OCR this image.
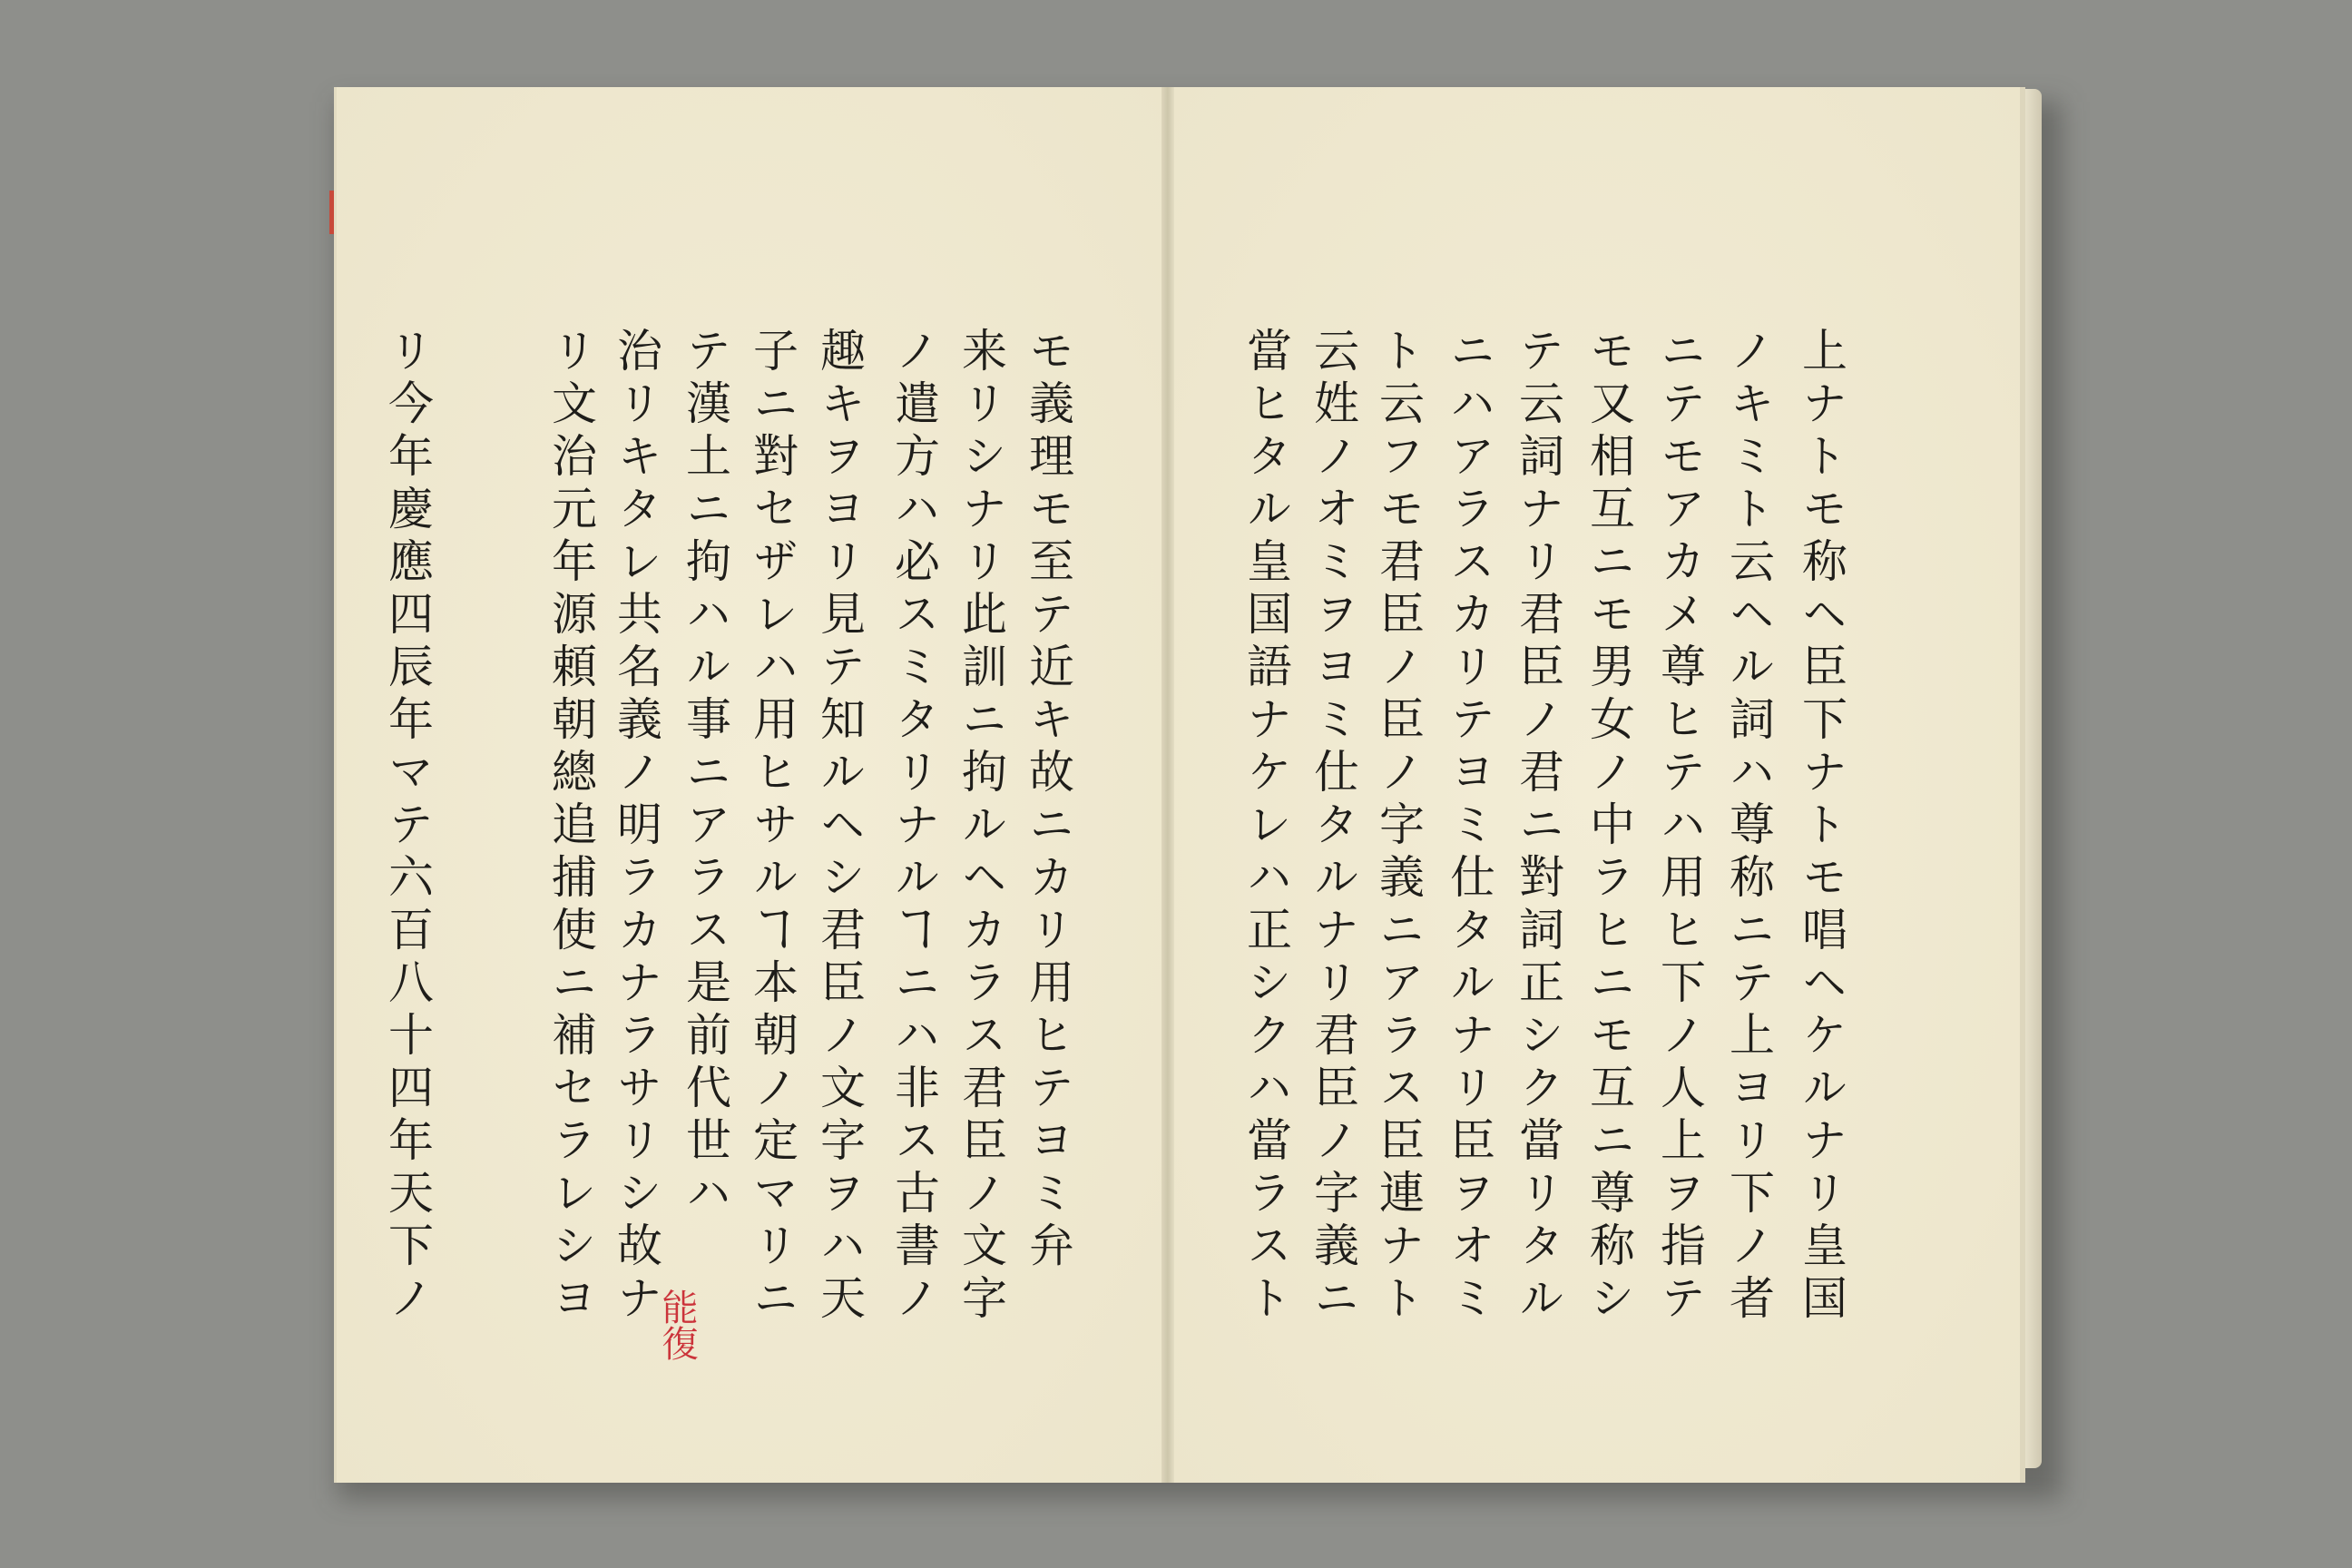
モ義理モ至テ近キ故ニカリ用ヒテヨミ弁
来リシナリ此訓ニ拘ルヘカラス君臣ノ文字
ノ遣方ハ必スミタリナルヿニハ非ス古書ノ
趣キヲヨリ見テ知ルヘシ君臣ノ文字ヲハ天
子ニ對セザレハ用ヒサルヿ本朝ノ定マリニ
テ漢土ニ拘ハル事ニアラス是前代世ハ
治リキタレ共名義ノ明ラカナラサリシ故ナ
リ文治元年源頼朝總追捕使ニ補セラレシヨ
リ今年慶應四辰年マテ六百八十四年天下ノ	能復	上ナトモ称ヘ臣下ナトモ唱ヘケルナリ皇国
ノキミト云ヘル詞ハ尊称ニテ上ヨリ下ノ者
ニテモアカメ尊ヒテハ用ヒ下ノ人上ヲ指テ
モ又相互ニモ男女ノ中ラヒニモ互ニ尊称シ
テ云詞ナリ君臣ノ君ニ對詞正シク當リタル
ニハアラスカリテヨミ仕タルナリ臣ヲオミ
ト云フモ君臣ノ臣ノ字義ニアラス臣連ナト
云姓ノオミヲヨミ仕タルナリ君臣ノ字義ニ
當ヒタル皇国語ナケレハ正シクハ當ラスト
